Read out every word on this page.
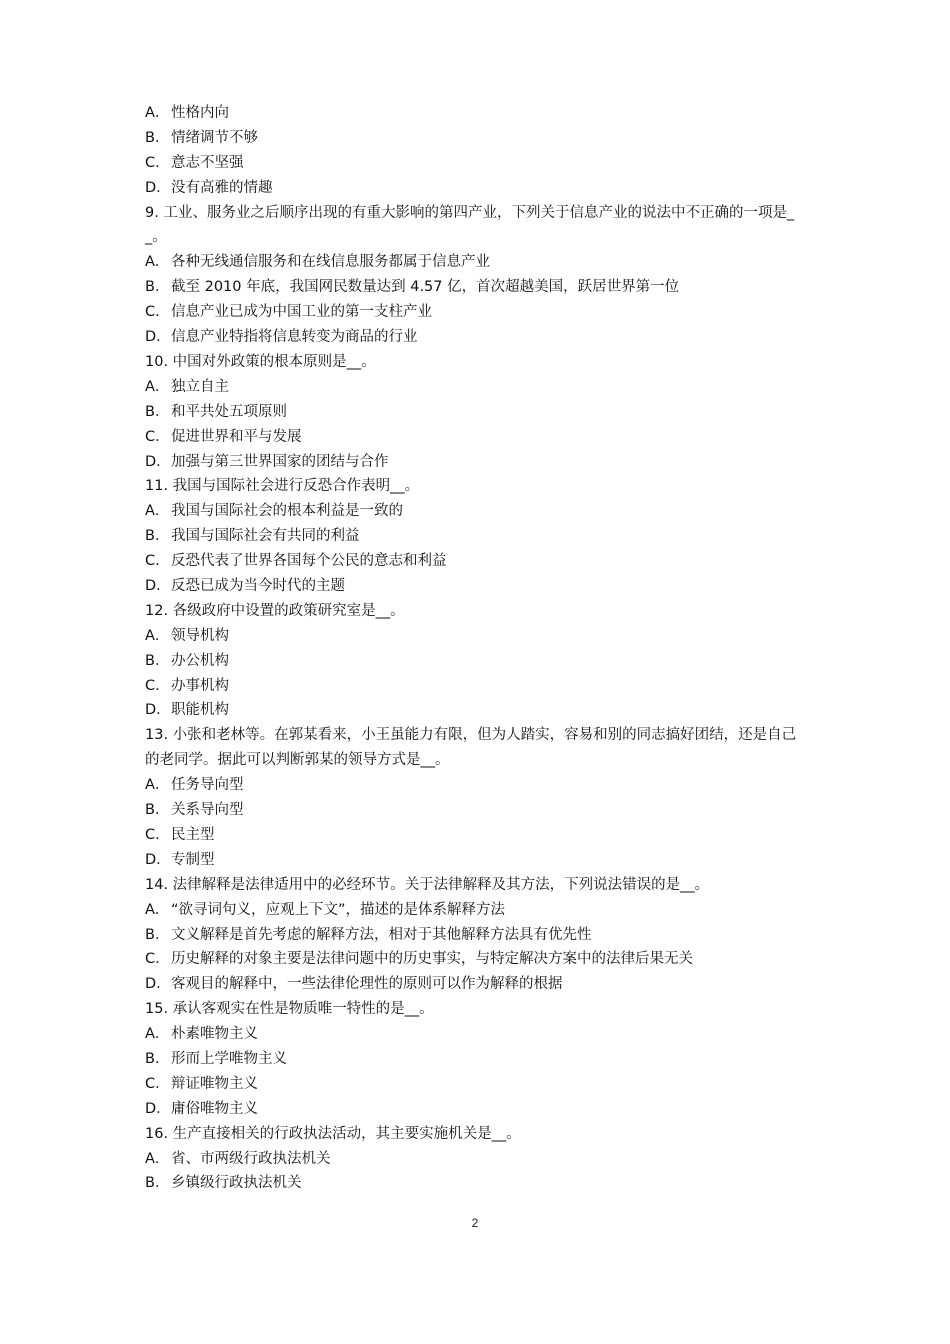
A． 性格内向
B． 情绪调节不够
C．意志不坚强
D．没有高雅的情趣
9. 工业、服务业之后顺序出现的有重大影响的第四产业，下列关于信息产业的说法中不正确的一项是__。
A． 各种无线通信服务和在线信息服务都属于信息产业
B． 截至 2010 年底，我国网民数量达到 4.57 亿，首次超越美国，跃居世界第一位
C．信息产业已成为中国工业的第一支柱产业
D．信息产业特指将信息转变为商品的行业
10. 中国对外政策的根本原则是__。
A． 独立自主
B． 和平共处五项原则
C．促进世界和平与发展
D．加强与第三世界国家的团结与合作
11. 我国与国际社会进行反恐合作表明__。
A． 我国与国际社会的根本利益是一致的
B． 我国与国际社会有共同的利益
C．反恐代表了世界各国每个公民的意志和利益
D．反恐已成为当今时代的主题
12. 各级政府中设置的政策研究室是__。
A． 领导机构
B． 办公机构
C．办事机构
D．职能机构
13. 小张和老林等。在郭某看来，小王虽能力有限，但为人踏实，容易和别的同志搞好团结，还是自己的老同学。据此可以判断郭某的领导方式是__。
A． 任务导向型
B． 关系导向型
C．民主型
D．专制型
14. 法律解释是法律适用中的必经环节。关于法律解释及其方法，下列说法错误的是__。
A． “欲寻词句义，应观上下文”，描述的是体系解释方法
B． 文义解释是首先考虑的解释方法，相对于其他解释方法具有优先性
C．历史解释的对象主要是法律问题中的历史事实，与特定解决方案中的法律后果无关
D．客观目的解释中，一些法律伦理性的原则可以作为解释的根据
15. 承认客观实在性是物质唯一特性的是__。
A． 朴素唯物主义
B． 形而上学唯物主义
C．辩证唯物主义
D．庸俗唯物主义
16. 生产直接相关的行政执法活动，其主要实施机关是__。
A． 省、市两级行政执法机关
B． 乡镇级行政执法机关
2
